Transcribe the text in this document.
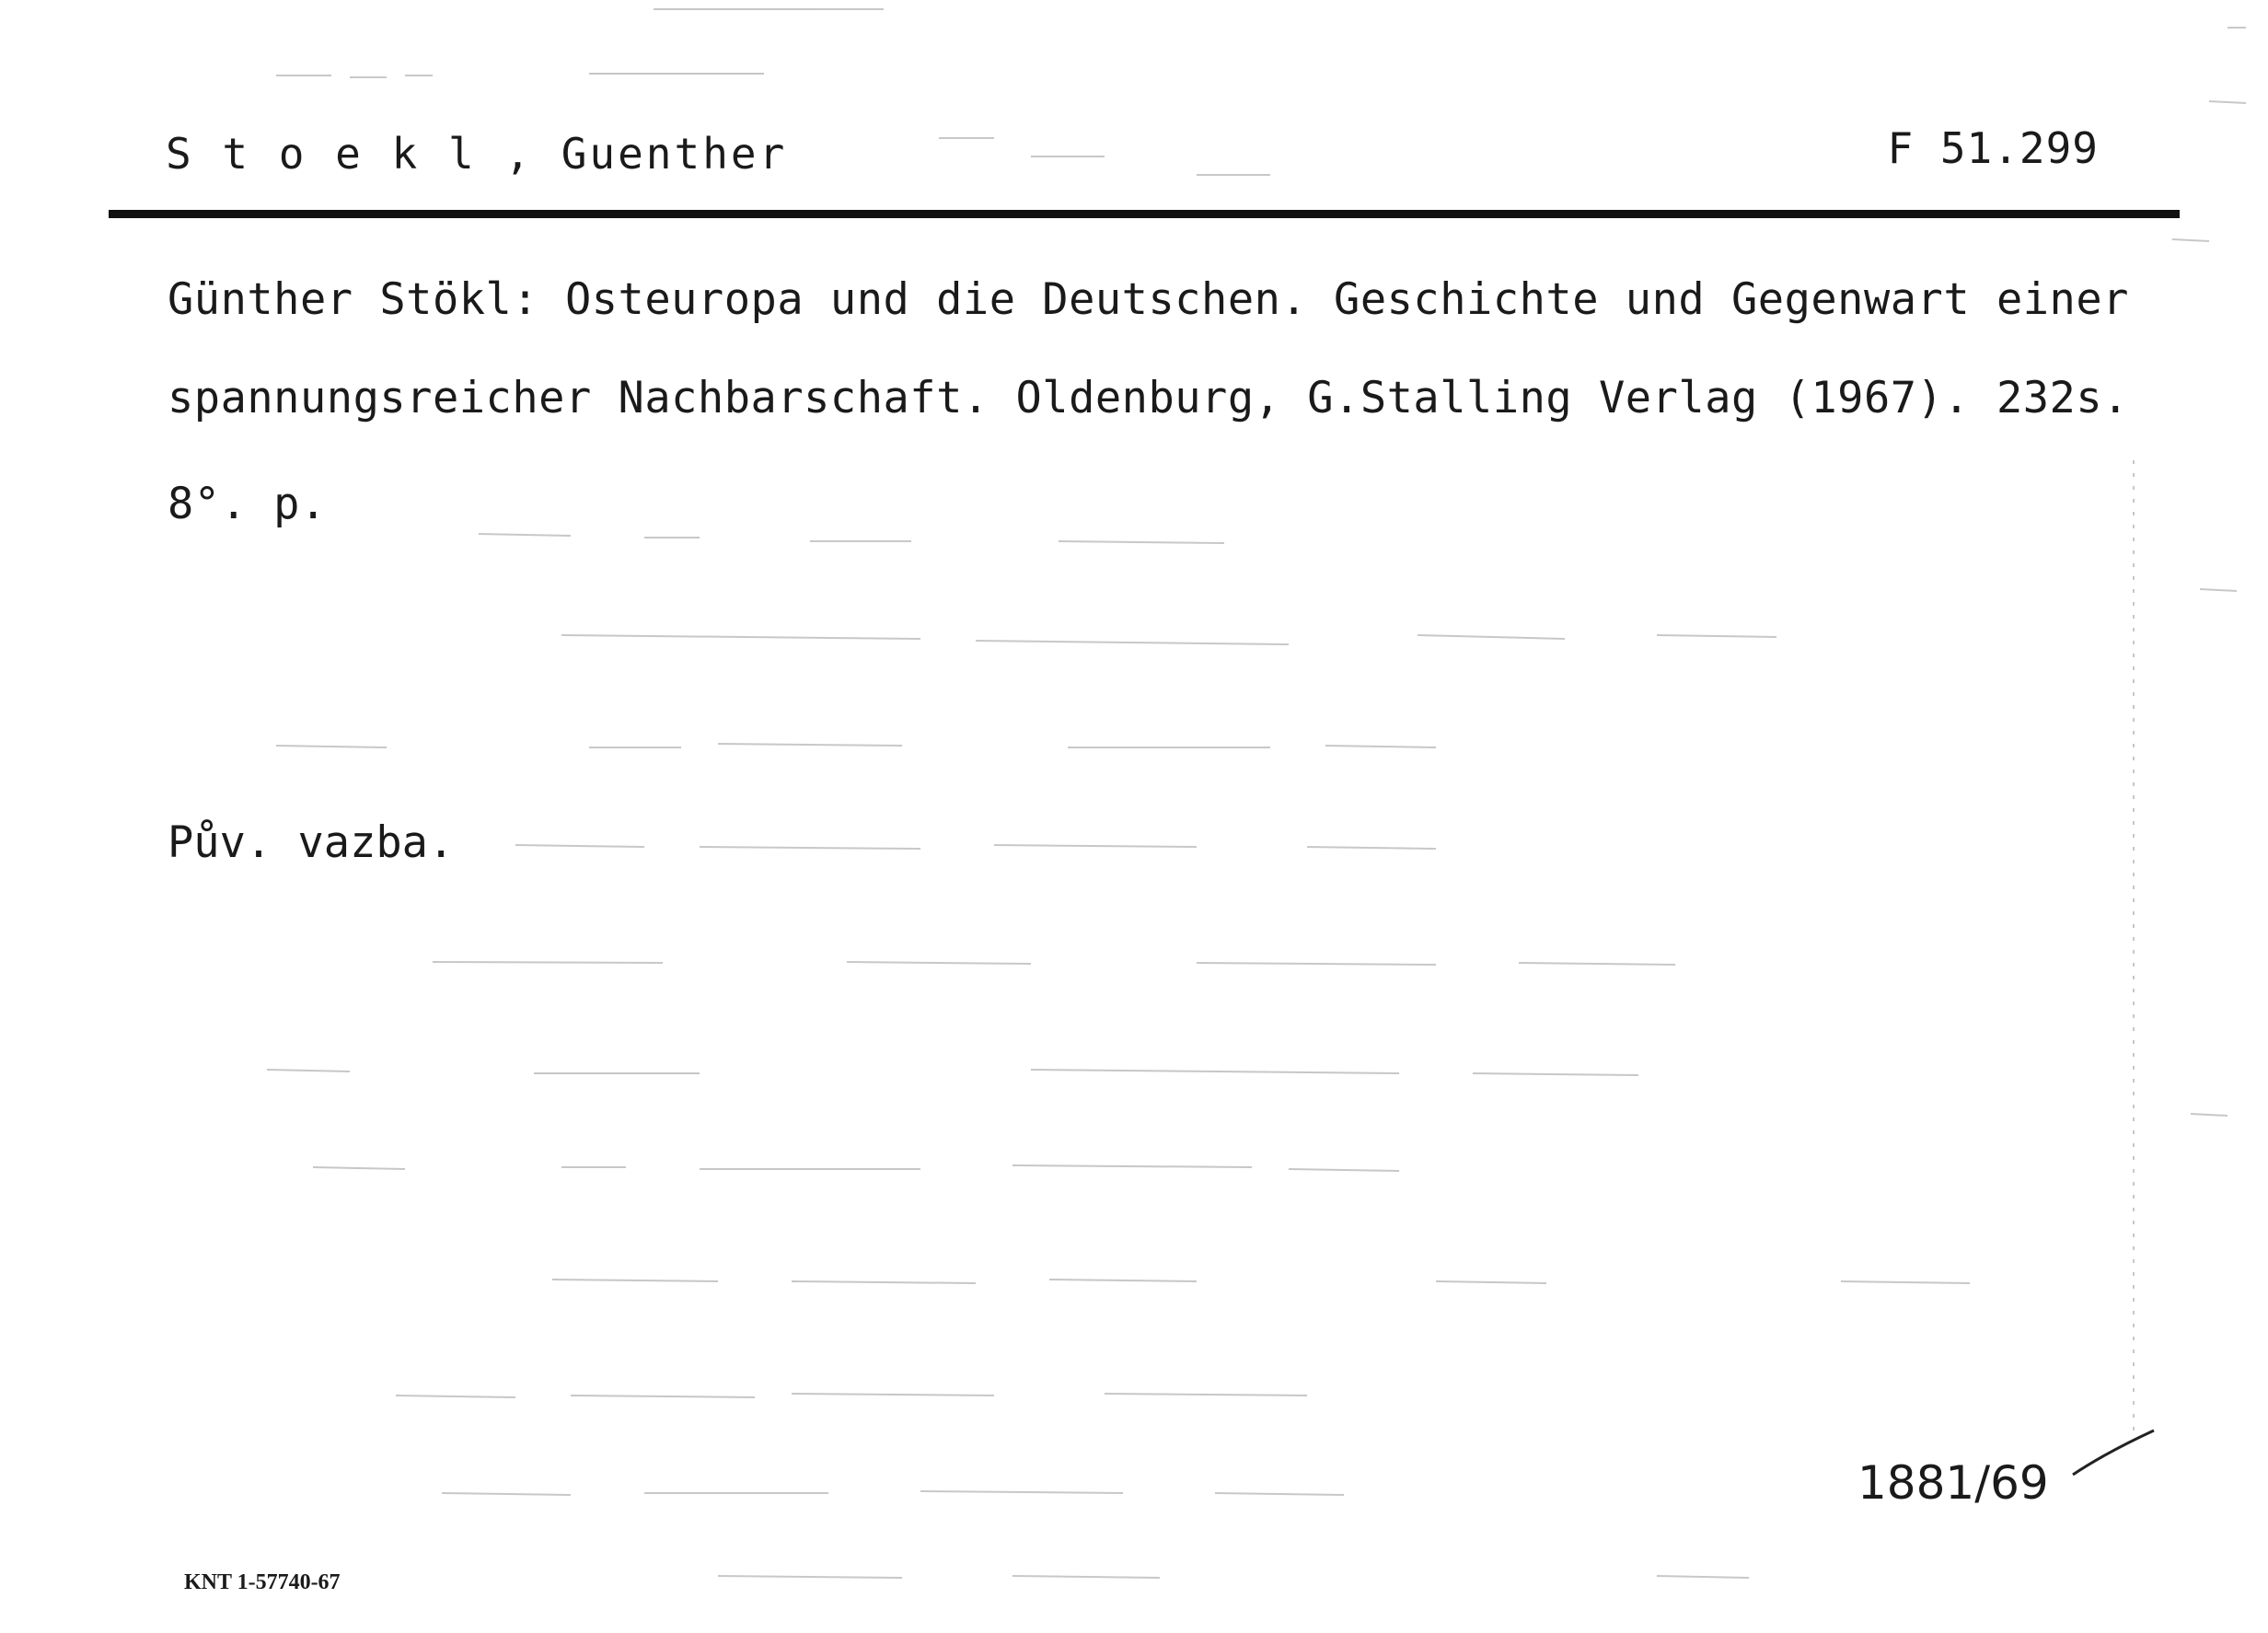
S t o e k l , Guenther	F 51.299
Günther Stökl: Osteuropa und die Deutschen. Geschichte und Gegenwart einer
spannungsreicher Nachbarschaft. Oldenburg, G.Stalling Verlag (1967). 232s.
8°. p.
Pův. vazba.
1881/69
KNT 1-57740-67
